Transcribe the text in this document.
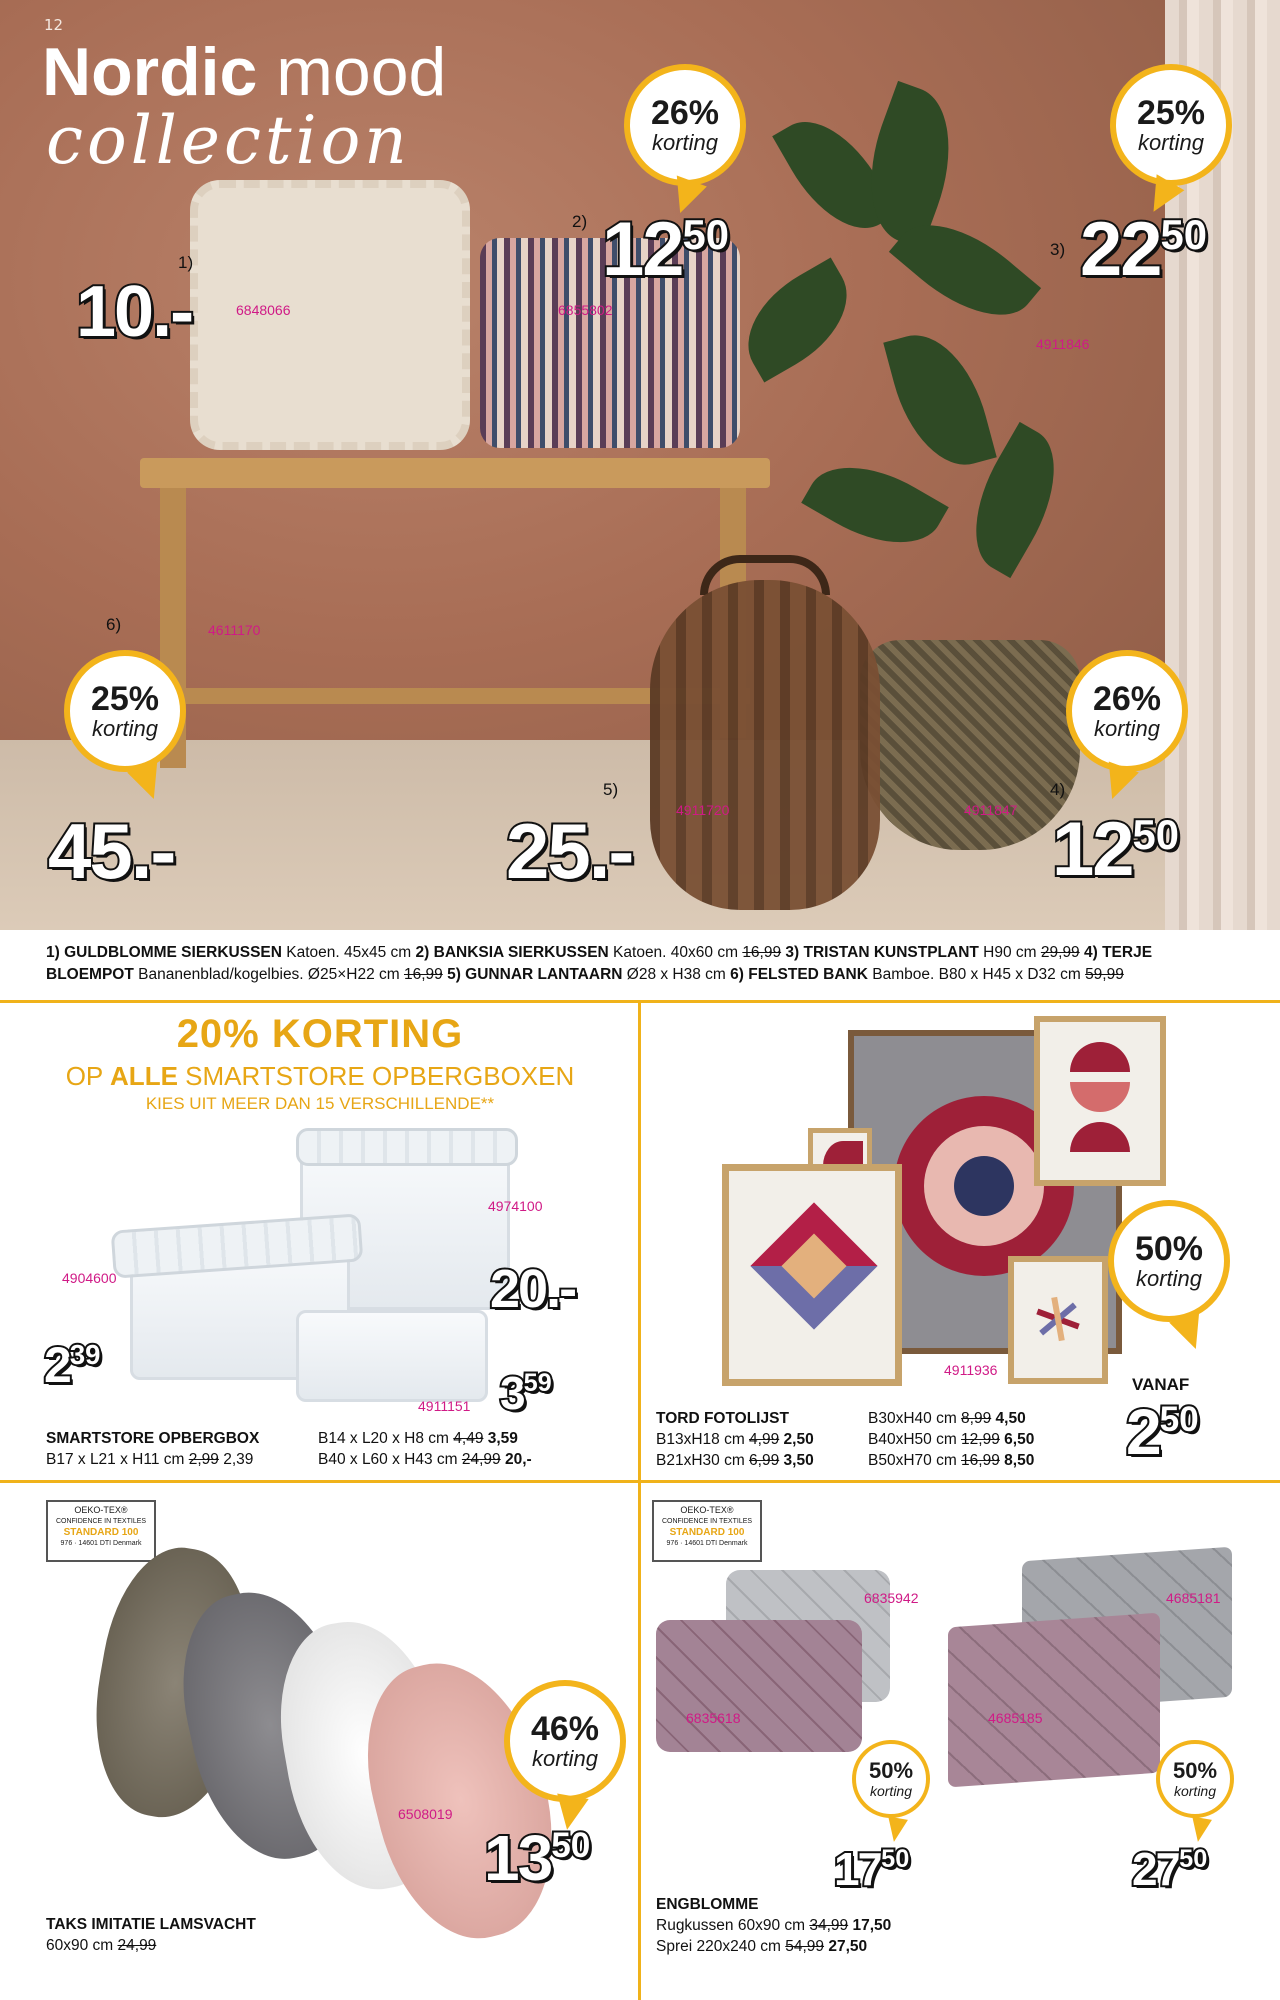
12
Nordic mood
collection	26%
korting
25%
korting
25%
korting
26%
korting
1)
2)
3)
4)
5)
6)
6848066	6855802
4911846
4911847
4911720
4611170
10.-
$12^{50}$	$22^{50}$
$12^{50}$
25.-
45.-
1) GULDBLOMME SIERKUSSEN Katoen. 45x45 cm 2) BANKSIA SIERKUSSEN Katoen. 40x60 cm 16,99 3) TRISTAN KUNSTPLANT H90 cm 29,99 4) TERJE BLOEMPOT Bananenblad/kogelbies. Ø25×H22 cm 16,99 5) GUNNAR LANTAARN Ø28 x H38 cm 6) FELSTED BANK Bamboe. B80 x H45 x D32 cm 59,99
20% KORTING
OP ALLE SMARTSTORE OPBERGBOXEN
KIES UIT MEER DAN 15 VERSCHILLENDE**
4974100
4904600
4911151
20.-
$2^{39}$
$3^{59}$
SMARTSTORE OPBERGBOX
B17 x L21 x H11 cm 2,99 2,39
B14 x L20 x H8 cm 4,49 3,59
B40 x L60 x H43 cm 24,99 20,-
4911936
50%
korting
VANAF
$2^{50}$
TORD FOTOLIJST
B13xH18 cm 4,99 2,50
B21xH30 cm 6,99 3,50
B30xH40 cm 8,99 4,50
B40xH50 cm 12,99 6,50
B50xH70 cm 16,99 8,50
OEKO-TEX®
CONFIDENCE IN TEXTILES
STANDARD 100
976 · 14601 DTI Denmark
46%
korting
6508019
$13^{50}$
TAKS IMITATIE LAMSVACHT
60x90 cm 24,99
OEKO-TEX®
CONFIDENCE IN TEXTILES
STANDARD 100
976 · 14601 DTI Denmark
6835942
6835618
4685181
4685185
50%
korting
50%
korting
$17^{50}$	$27^{50}$
ENGBLOMME
Rugkussen 60x90 cm 34,99 17,50
Sprei 220x240 cm 54,99 27,50
